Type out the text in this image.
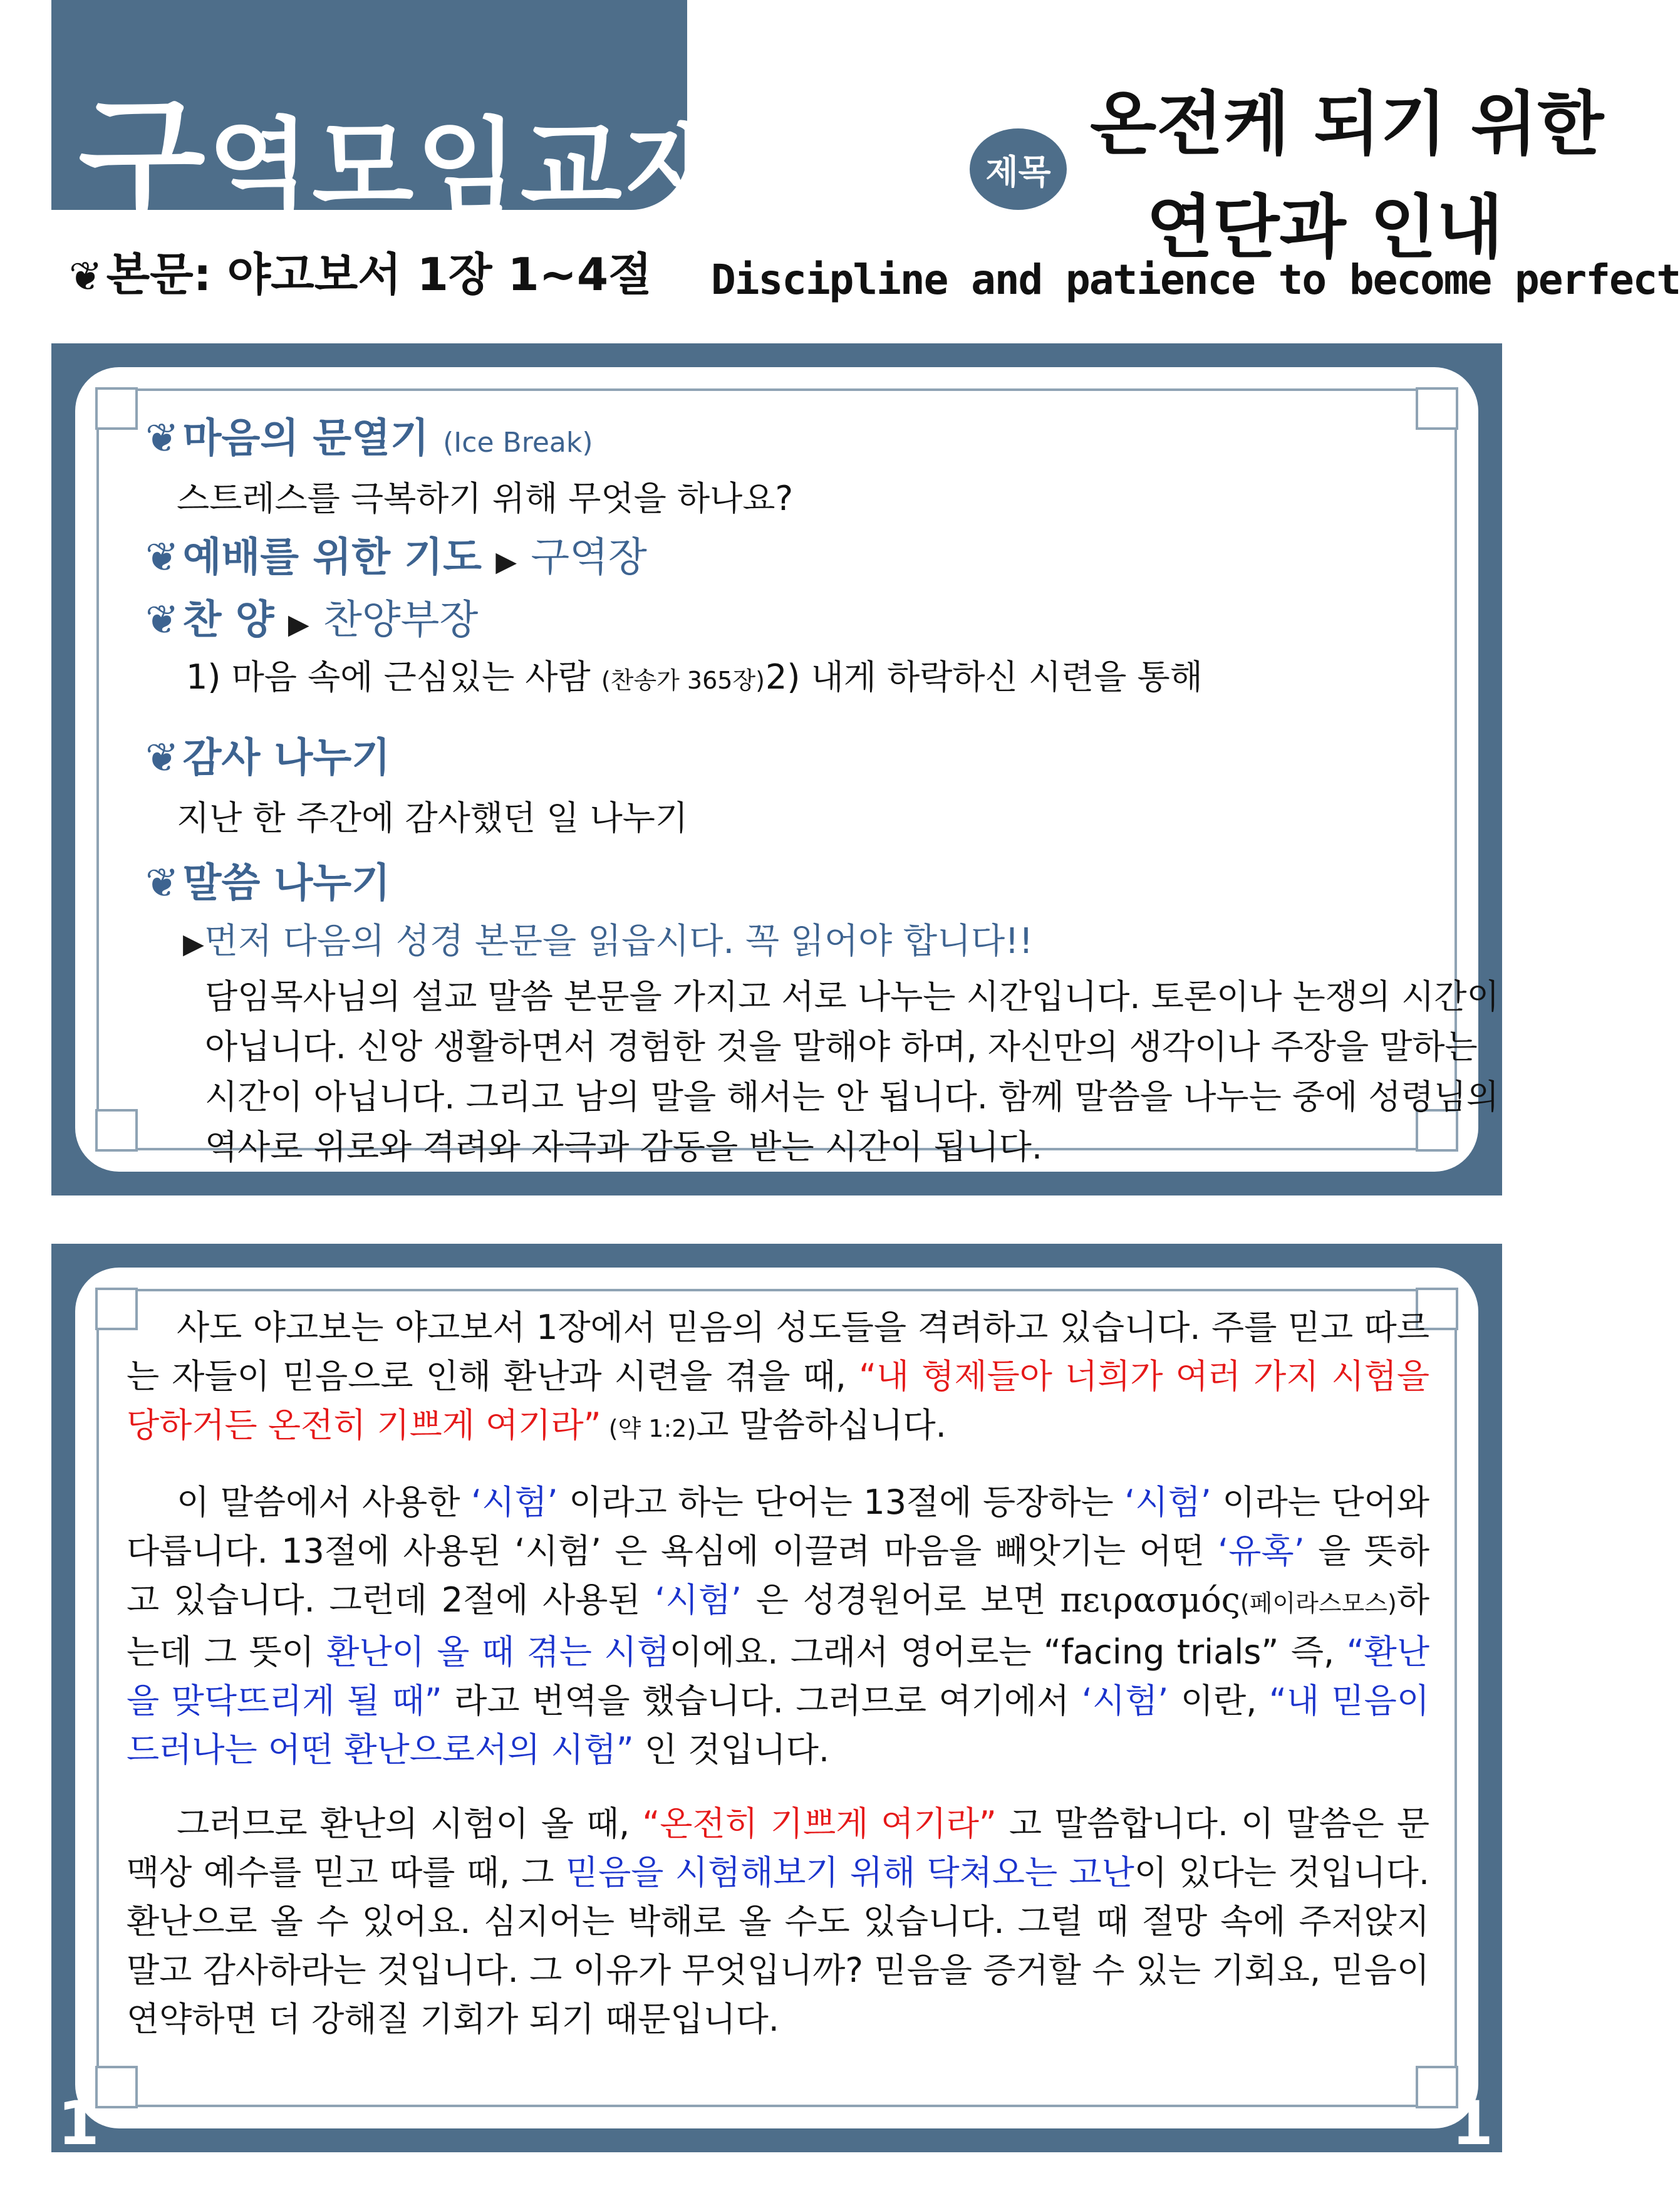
구역모임교재
❦본문: 야고보서 1장 1~4절
제목
온전케 되기 위한
연단과 인내
Discipline and patience to become perfect
❦마음의 문열기 (Ice Break)
스트레스를 극복하기 위해 무엇을 하나요?
❦예배를 위한 기도 ▶ 구역장
❦찬 양 ▶ 찬양부장
1) 마음 속에 근심있는 사람 (찬송가 365장) 2) 내게 하락하신 시련을 통해
❦감사 나누기
지난 한 주간에 감사했던 일 나누기
❦말씀 나누기
▶먼저 다음의 성경 본문을 읽읍시다. 꼭 읽어야 합니다!!
담임목사님의 설교 말씀 본문을 가지고 서로 나누는 시간입니다. 토론이나 논쟁의 시간이
아닙니다. 신앙 생활하면서 경험한 것을 말해야 하며, 자신만의 생각이나 주장을 말하는
시간이 아닙니다. 그리고 남의 말을 해서는 안 됩니다. 함께 말씀을 나누는 중에 성령님의
역사로 위로와 격려와 자극과 감동을 받는 시간이 됩니다.

사도 야고보는 야고보서 1장에서 믿음의 성도들을 격려하고 있습니다. 주를 믿고 따르는 자들이 믿음으로 인해 환난과 시련을 겪을 때, “내 형제들아 너희가 여러 가지 시험을 당하거든 온전히 기쁘게 여기라” (약 1:2)고 말씀하십니다.

이 말씀에서 사용한 ‘시험’ 이라고 하는 단어는 13절에 등장하는 ‘시험’ 이라는 단어와 다릅니다. 13절에 사용된 ‘시험’ 은 욕심에 이끌려 마음을 빼앗기는 어떤 ‘유혹’ 을 뜻하고 있습니다. 그런데 2절에 사용된 ‘시험’ 은 성경원어로 보면 πειρασμός(페이라스모스)하는데 그 뜻이 환난이 올 때 겪는 시험이에요. 그래서 영어로는 “facing trials” 즉, “환난을 맞닥뜨리게 될 때” 라고 번역을 했습니다. 그러므로 여기에서 ‘시험’ 이란, “내 믿음이 드러나는 어떤 환난으로서의 시험” 인 것입니다.

그러므로 환난의 시험이 올 때, “온전히 기쁘게 여기라” 고 말씀합니다. 이 말씀은 문맥상 예수를 믿고 따를 때, 그 믿음을 시험해보기 위해 닥쳐오는 고난이 있다는 것입니다. 환난으로 올 수 있어요. 심지어는 박해로 올 수도 있습니다. 그럴 때 절망 속에 주저앉지 말고 감사하라는 것입니다. 그 이유가 무엇입니까? 믿음을 증거할 수 있는 기회요, 믿음이 연약하면 더 강해질 기회가 되기 때문입니다.

1	1
